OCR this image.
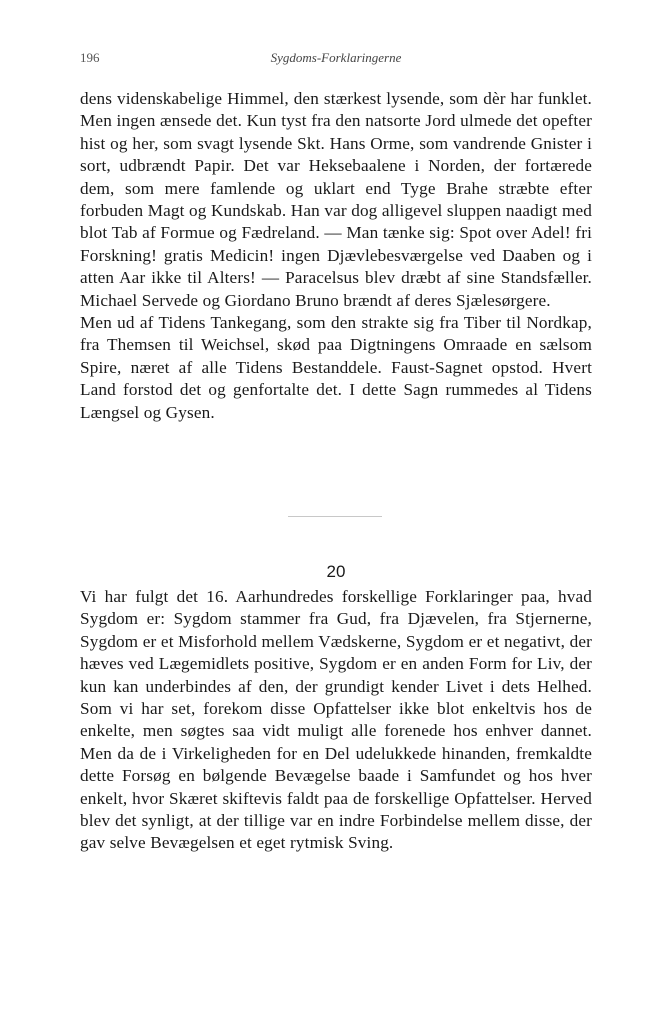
196	Sygdoms-Forklaringerne

dens videnskabelige Himmel, den stærkest lysende, som dèr har funklet. Men ingen ænsede det. Kun tyst fra den natsorte Jord ulmede det opefter hist og her, som svagt lysende Skt. Hans Orme, som vandrende Gnister i sort, udbrændt Papir. Det var Heksebaalene i Norden, der fortærede dem, som mere famlende og uklart end Tyge Brahe stræbte efter forbuden Magt og Kundskab. Han var dog alligevel sluppen naadigt med blot Tab af Formue og Fædreland. — Man tænke sig: Spot over Adel! fri Forskning! gratis Medicin! ingen Djævlebesværgelse ved Daaben og i atten Aar ikke til Alters! — Paracelsus blev dræbt af sine Standsfæller. Michael Servede og Giordano Bruno brændt af deres Sjælesørgere.

Men ud af Tidens Tankegang, som den strakte sig fra Tiber til Nordkap, fra Themsen til Weichsel, skød paa Digtningens Omraade en sælsom Spire, næret af alle Tidens Bestanddele. Faust-Sagnet opstod. Hvert Land forstod det og genfortalte det. I dette Sagn rummedes al Tidens Længsel og Gysen.

20

Vi har fulgt det 16. Aarhundredes forskellige Forklaringer paa, hvad Sygdom er: Sygdom stammer fra Gud, fra Djævelen, fra Stjernerne, Sygdom er et Misforhold mellem Vædskerne, Sygdom er et negativt, der hæves ved Lægemidlets positive, Sygdom er en anden Form for Liv, der kun kan underbindes af den, der grundigt kender Livet i dets Helhed. Som vi har set, forekom disse Opfattelser ikke blot enkeltvis hos de enkelte, men søgtes saa vidt muligt alle forenede hos enhver dannet. Men da de i Virkeligheden for en Del udelukkede hinanden, fremkaldte dette Forsøg en bølgende Bevægelse baade i Samfundet og hos hver enkelt, hvor Skæret skiftevis faldt paa de forskellige Opfattelser. Herved blev det synligt, at der tillige var en indre Forbindelse mellem disse, der gav selve Bevægelsen et eget rytmisk Sving.
